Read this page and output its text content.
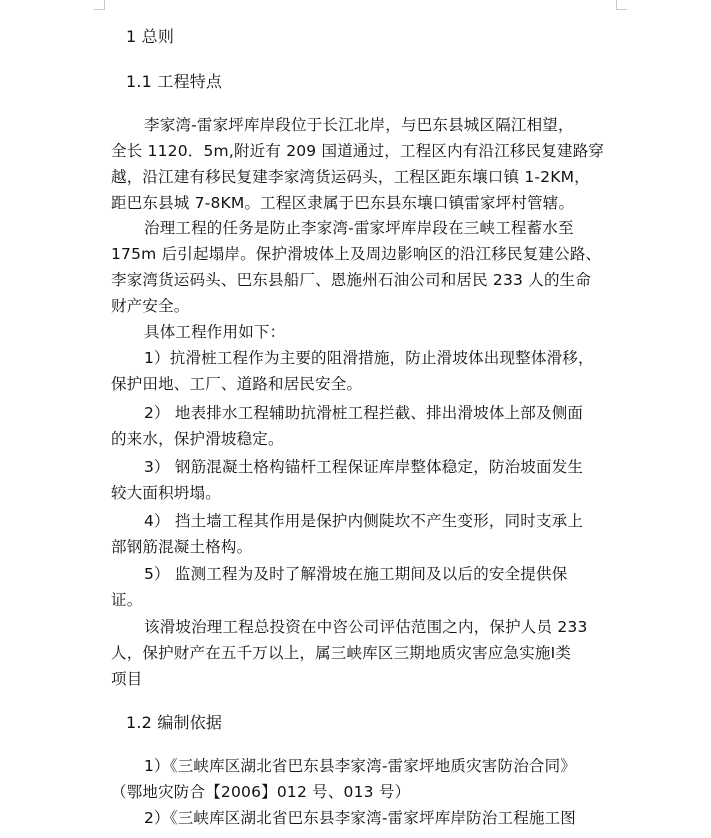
1 总则
1.1 工程特点
李家湾-雷家坪库岸段位于长江北岸，与巴东县城区隔江相望，
全长 1120．5m,附近有 209 国道通过，工程区内有沿江移民复建路穿
越，沿江建有移民复建李家湾货运码头，工程区距东壤口镇 1-2KM，
距巴东县城 7-8KM。工程区隶属于巴东县东壤口镇雷家坪村管辖。
治理工程的任务是防止李家湾-雷家坪库岸段在三峡工程蓄水至
175m 后引起塌岸。保护滑坡体上及周边影响区的沿江移民复建公路、
李家湾货运码头、巴东县船厂、恩施州石油公司和居民 233 人的生命
财产安全。
具体工程作用如下：
1）抗滑桩工程作为主要的阻滑措施，防止滑坡体出现整体滑移，
保护田地、工厂、道路和居民安全。
2） 地表排水工程辅助抗滑桩工程拦截、排出滑坡体上部及侧面
的来水，保护滑坡稳定。
3） 钢筋混凝土格构锚杆工程保证库岸整体稳定，防治坡面发生
较大面积坍塌。
4） 挡土墙工程其作用是保护内侧陡坎不产生变形，同时支承上
部钢筋混凝土格构。
5） 监测工程为及时了解滑坡在施工期间及以后的安全提供保
证。
该滑坡治理工程总投资在中咨公司评估范围之内，保护人员 233
人，保护财产在五千万以上，属三峡库区三期地质灾害应急实施Ⅰ类
项目
1.2 编制依据
1）《三峡库区湖北省巴东县李家湾-雷家坪地质灾害防治合同》
（鄂地灾防合【2006】012 号、013 号）
2）《三峡库区湖北省巴东县李家湾-雷家坪库岸防治工程施工图
